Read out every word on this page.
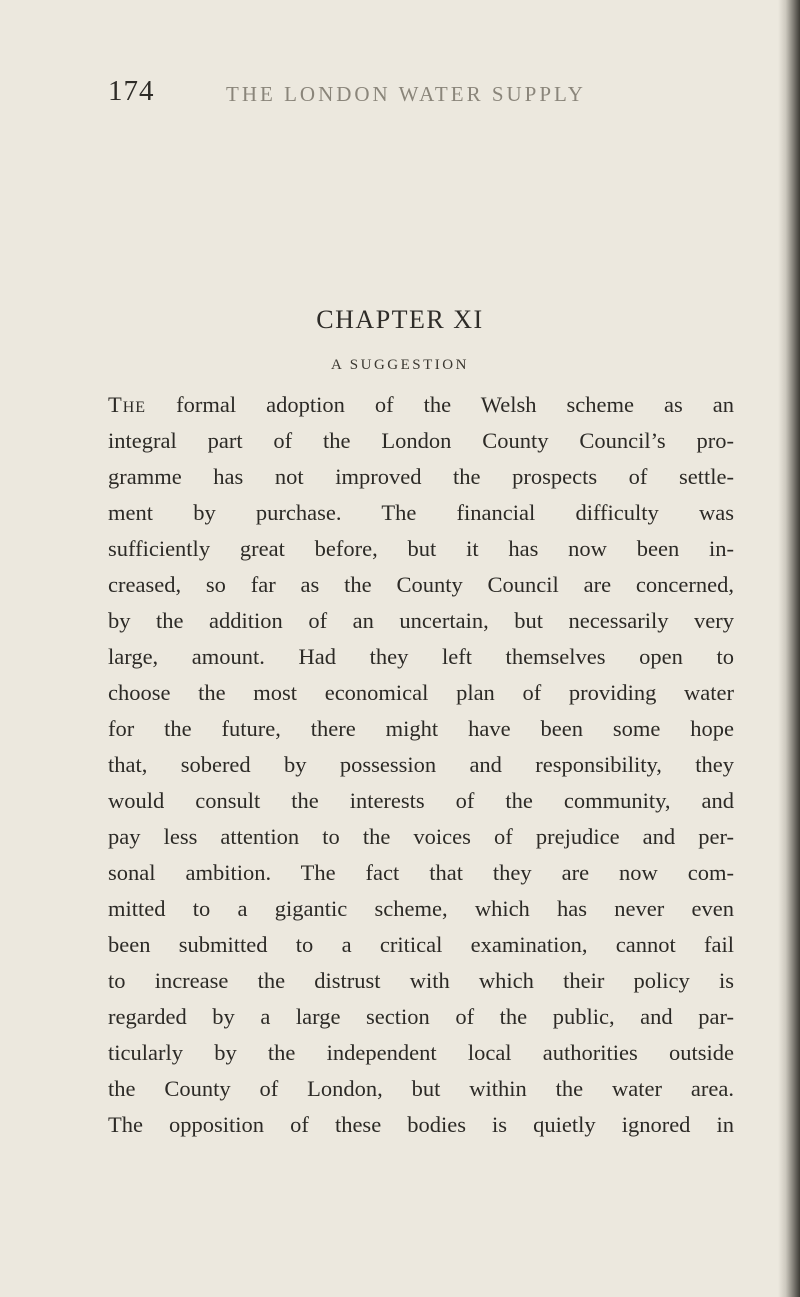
174	THE LONDON WATER SUPPLY
CHAPTER XI
A SUGGESTION
The formal adoption of the Welsh scheme as an
integral part of the London County Council’s pro-
gramme has not improved the prospects of settle-
ment by purchase. The financial difficulty was
sufficiently great before, but it has now been in-
creased, so far as the County Council are concerned,
by the addition of an uncertain, but necessarily very
large, amount. Had they left themselves open to
choose the most economical plan of providing water
for the future, there might have been some hope
that, sobered by possession and responsibility, they
would consult the interests of the community, and
pay less attention to the voices of prejudice and per-
sonal ambition. The fact that they are now com-
mitted to a gigantic scheme, which has never even
been submitted to a critical examination, cannot fail
to increase the distrust with which their policy is
regarded by a large section of the public, and par-
ticularly by the independent local authorities outside
the County of London, but within the water area.
The opposition of these bodies is quietly ignored in
